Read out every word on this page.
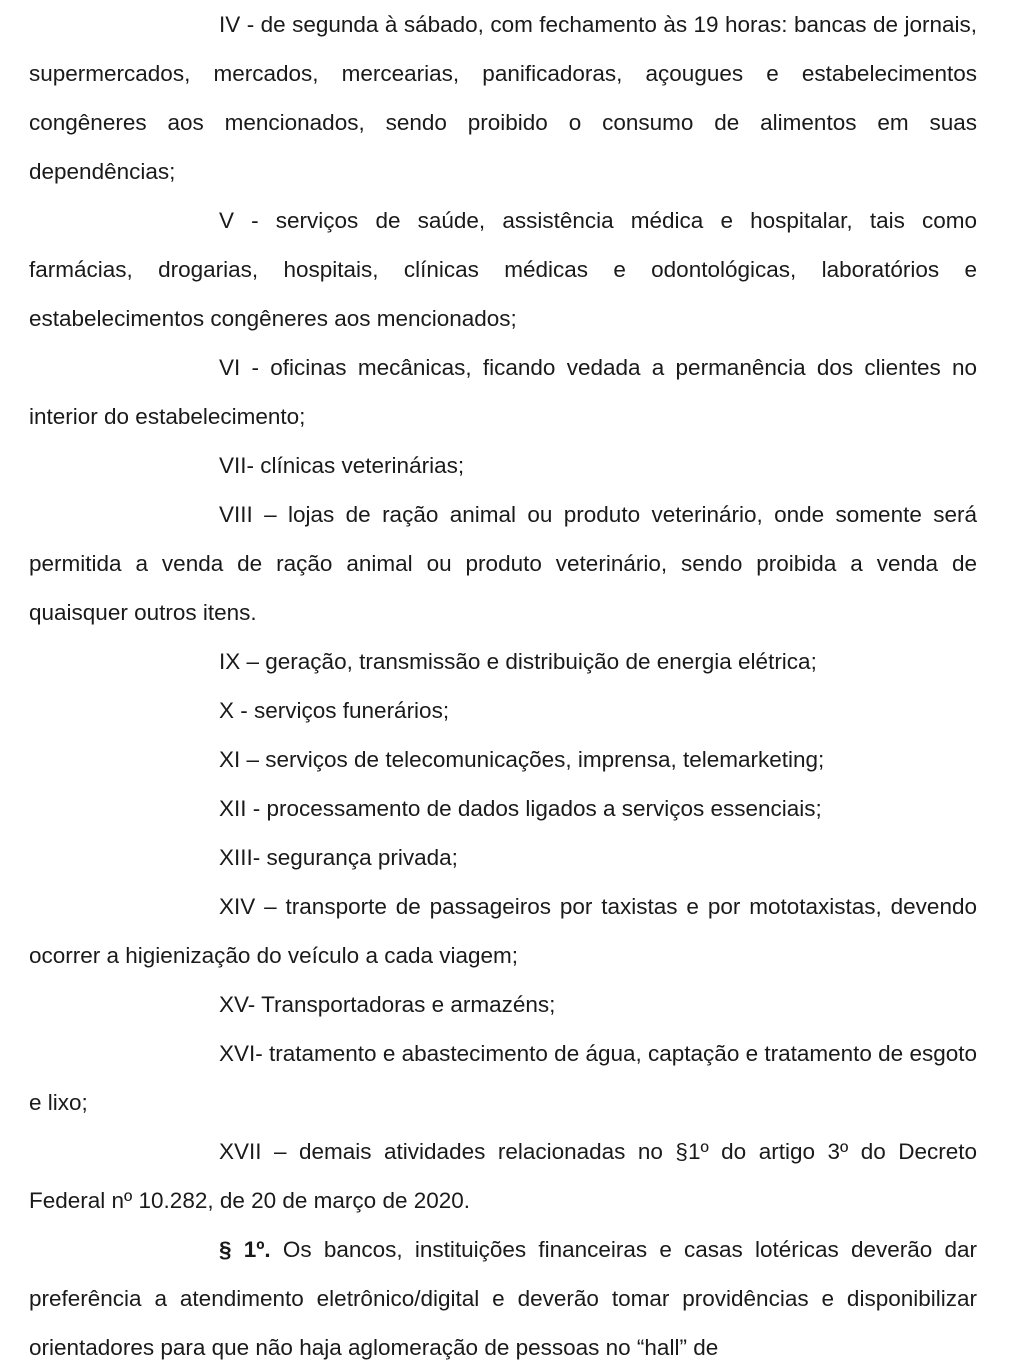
IV - de segunda à sábado, com fechamento às 19 horas: bancas de jornais, supermercados, mercados, mercearias, panificadoras, açougues e estabelecimentos congêneres aos mencionados, sendo proibido o consumo de alimentos em suas dependências;

V - serviços de saúde, assistência médica e hospitalar, tais como farmácias, drogarias, hospitais, clínicas médicas e odontológicas, laboratórios e estabelecimentos congêneres aos mencionados;

VI - oficinas mecânicas, ficando vedada a permanência dos clientes no interior do estabelecimento;

VII- clínicas veterinárias;

VIII – lojas de ração animal ou produto veterinário, onde somente será permitida a venda de ração animal ou produto veterinário, sendo proibida a venda de quaisquer outros itens.

IX – geração, transmissão e distribuição de energia elétrica;

X - serviços funerários;

XI – serviços de telecomunicações, imprensa, telemarketing;

XII - processamento de dados ligados a serviços essenciais;

XIII- segurança privada;

XIV – transporte de passageiros por taxistas e por mototaxistas, devendo ocorrer a higienização do veículo a cada viagem;

XV- Transportadoras e armazéns;

XVI- tratamento e abastecimento de água, captação e tratamento de esgoto e lixo;

XVII – demais atividades relacionadas no §1º do artigo 3º do Decreto Federal nº 10.282, de 20 de março de 2020.

§ 1º. Os bancos, instituições financeiras e casas lotéricas deverão dar preferência a atendimento eletrônico/digital e deverão tomar providências e disponibilizar orientadores para que não haja aglomeração de pessoas no “hall” de
